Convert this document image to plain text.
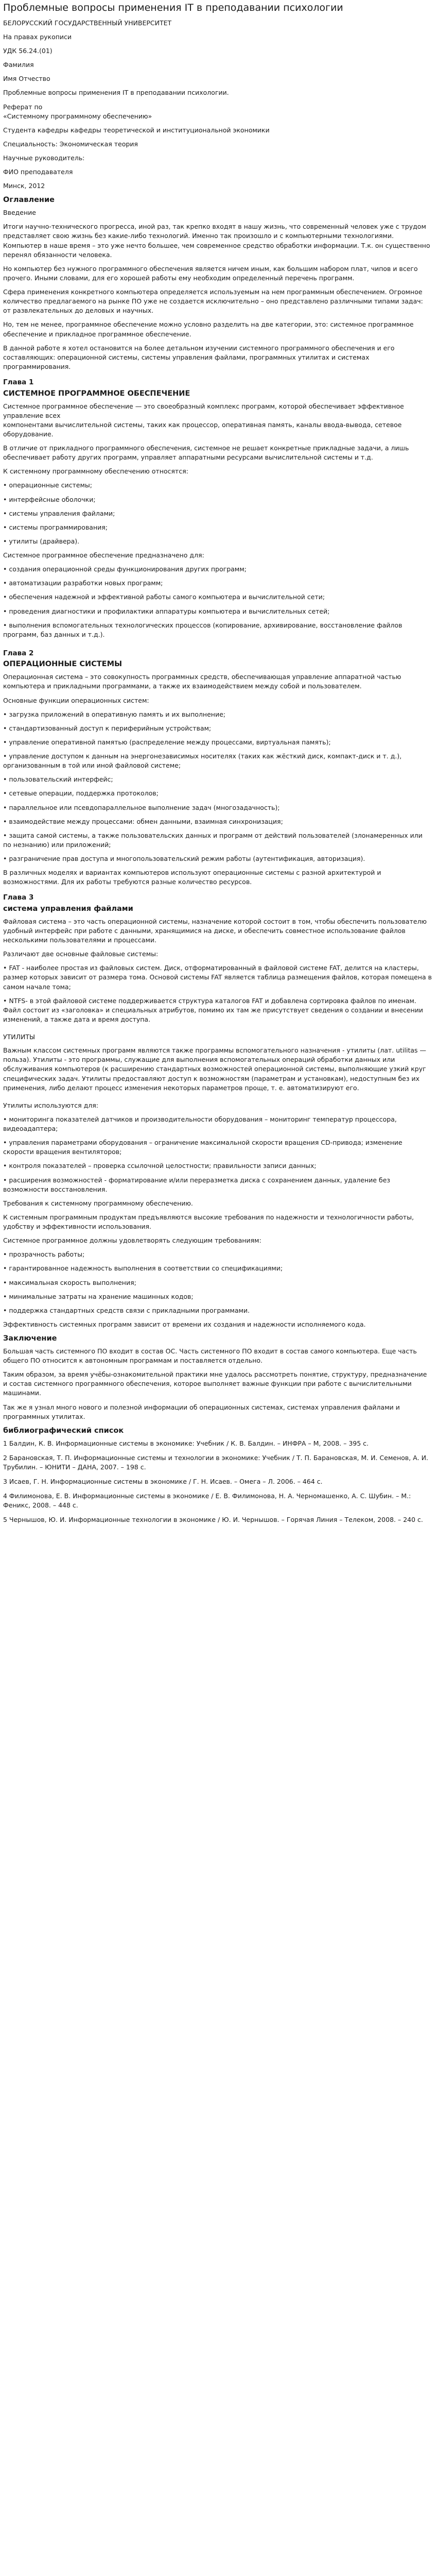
Проблемные вопросы применения IT в преподавании психологии

БЕЛОРУССКИЙ ГОСУДАРСТВЕННЫЙ УНИВЕРСИТЕТ

На правах рукописи

УДК 56.24.(01)

Фамилия

Имя Отчество

Проблемные вопросы применения IT в преподавании психологии.

Реферат по
«Системному программному обеспечению»

Студента кафедры кафедры теоретической и институциональной экономики

Специальность: Экономическая теория

Научные руководитель:

ФИО преподавателя

Минск, 2012

Оглавление

Введение

Итоги научно-технического прогресса, иной раз, так крепко входят в нашу жизнь, что современный человек уже с трудом представляет свою жизнь без какие-либо технологий. Именно так произошло и с компьютерными технологиями. Компьютер в наше время – это уже нечто большее, чем современное средство обработки информации. Т.к. он существенно перенял обязанности человека.

Но компьютер без нужного программного обеспечения является ничем иным, как большим набором плат, чипов и всего прочего. Иными словами, для его хорошей работы ему необходим определенный перечень программ.

Сфера применения конкретного компьютера определяется используемым на нем программным обеспечением. Огромное количество предлагаемого на рынке ПО уже не создается исключительно – оно представлено различными типами задач: от развлекательных до деловых и научных.

Но, тем не менее, программное обеспечение можно условно разделить на две категории, это: системное программное обеспечение и прикладное программное обеспечение.

В данной работе я хотел остановится на более детальном изучении системного программного обеспечения и его составляющих: операционной системы, системы управления файлами, программных утилитах и системах программирования.

Глава 1
СИСТЕМНОЕ ПРОГРАММНОЕ ОБЕСПЕЧЕНИЕ

Системное программное обеспечение — это своеобразный комплекс программ, которой обеспечивает эффективное управление всех

компонентами вычислительной системы, таких как процессор, оперативная память, каналы ввода-вывода, сетевое оборудование.

В отличие от прикладного программного обеспечения, системное не решает конкретные прикладные задачи, а лишь обеспечивает работу других программ, управляет аппаратными ресурсами вычислительной системы и т.д.

К системному программному обеспечению относятся:

• операционные системы;
• интерфейсные оболочки;
• системы управления файлами;
• системы программирования;
• утилиты (драйвера).

Системное программное обеспечение предназначено для:

• создания операционной среды функционирования других программ;
• автоматизации разработки новых программ;
• обеспечения надежной и эффективной работы самого компьютера и вычислительной сети;
• проведения диагностики и профилактики аппаратуры компьютера и вычислительных сетей;
• выполнения вспомогательных технологических процессов (копирование, архивирование, восстановление файлов программ, баз данных и т.д.).
Глава 2
ОПЕРАЦИОННЫЕ СИСТЕМЫ

Операционная система – это совокупность программных средств, обеспечивающая управление аппаратной частью компьютера и прикладными программами, а также их взаимодействием между собой и пользователем.

Основные функции операционных систем:

• загрузка приложений в оперативную память и их выполнение;
• стандартизованный доступ к периферийным устройствам;
• управление оперативной памятью (распределение между процессами, виртуальная память);
• управление доступом к данным на энергонезависимых носителях (таких как жёсткий диск, компакт-диск и т. д.), организованным в той или иной файловой системе;
• пользовательский интерфейс;
• сетевые операции, поддержка протоколов;
• параллельное или псевдопараллельное выполнение задач (многозадачность);
• взаимодействие между процессами: обмен данными, взаимная синхронизация;
• защита самой системы, а также пользовательских данных и программ от действий пользователей (злонамеренных или по незнанию) или приложений;
• разграничение прав доступа и многопользовательский режим работы (аутентификация, авторизация).

В различных моделях и вариантах компьютеров используют операционные системы с разной архитектурой и возможностями. Для их работы требуются разные количество ресурсов.

Глава 3
система управления файлами

Файловая система – это часть операционной системы, назначение которой состоит в том, чтобы обеспечить пользователю удобный интерфейс при работе с данными, хранящимися на диске, и обеспечить совместное использование файлов несколькими пользователями и процессами.

Различают две основные файловые системы:

• FAT - наиболее простая из файловых систем. Диск, отформатированный в файловой системе FAT, делится на кластеры, размер которых зависит от размера тома. Основой системы FAT является таблица размещения файлов, которая помещена в самом начале тома;
• NTFS- в этой файловой системе поддерживается структура каталогов FAT и добавлена сортировка файлов по именам. Файл состоит из «заголовка» и специальных атрибутов, помимо их там же присутствует сведения о создании и внесении изменений, а также дата и время доступа.
УТИЛИТЫ

Важным классом системных программ являются также программы вспомогательного назначения - утилиты (лат. utilitas — польза). Утилиты - это программы, служащие для выполнения вспомогательных операций обработки данных или обслуживания компьютеров (к расширению стандартных возможностей операционной системы, выполняющие узкий круг специфических задач. Утилиты предоставляют доступ к возможностям (параметрам и установкам), недоступным без их применения, либо делают процесс изменения некоторых параметров проще, т. е. автоматизируют его.

Утилиты используются для:

• мониторинга показателей датчиков и производительности оборудования – мониторинг температур процессора, видеоадаптера;
• управления параметрами оборудования – ограничение максимальной скорости вращения CD-привода; изменение скорости вращения вентиляторов;
• контроля показателей – проверка ссылочной целостности; правильности записи данных;
• расширения возможностей - форматирование и/или переразметка диска с сохранением данных, удаление без возможности восстановления.

Требования к системному программному обеспечению.

К системным программным продуктам предъявляются высокие требования по надежности и технологичности работы, удобству и эффективности использования.

Системное программное должны удовлетворять следующим требованиям:

• прозрачность работы;
• гарантированное надежность выполнения в соответствии со спецификациями;
• максимальная скорость выполнения;
• минимальные затраты на хранение машинных кодов;
• поддержка стандартных средств связи с прикладными программами.

Эффективность системных программ зависит от времени их создания и надежности исполняемого кода.

Заключение

Большая часть системного ПО входит в состав ОС. Часть системного ПО входит в состав самого компьютера. Еще часть общего ПО относится к автономным программам и поставляется отдельно.

Таким образом, за время учёбы-ознакомительной практики мне удалось рассмотреть понятие, структуру, предназначение и состав системного программного обеспечения, которое выполняет важные функции при работе с вычислительными машинами.

Так же я узнал много нового и полезной информации об операционных системах, системах управления файлами и программных утилитах.

библиографический список

1 Балдин, К. В. Информационные системы в экономике: Учебник / К. В. Балдин. – ИНФРА – М, 2008. – 395 с.

2 Барановская, Т. П. Информационные системы и технологии в экономике: Учебник / Т. П. Барановская, М. И. Семенов, А. И. Трубилин. – ЮНИТИ – ДАНА, 2007. – 198 с.

3 Исаев, Г. Н. Информационные системы в экономике / Г. Н. Исаев. – Омега – Л. 2006. – 464 с.

4 Филимонова, Е. В. Информационные системы в экономике / Е. В. Филимонова, Н. А. Черномашенко, А. С. Шубин. – М.: Феникс, 2008. – 448 с.

5 Чернышов, Ю. И. Информационные технологии в экономике / Ю. И. Чернышов. – Горячая Линия – Телеком, 2008. – 240 с.
